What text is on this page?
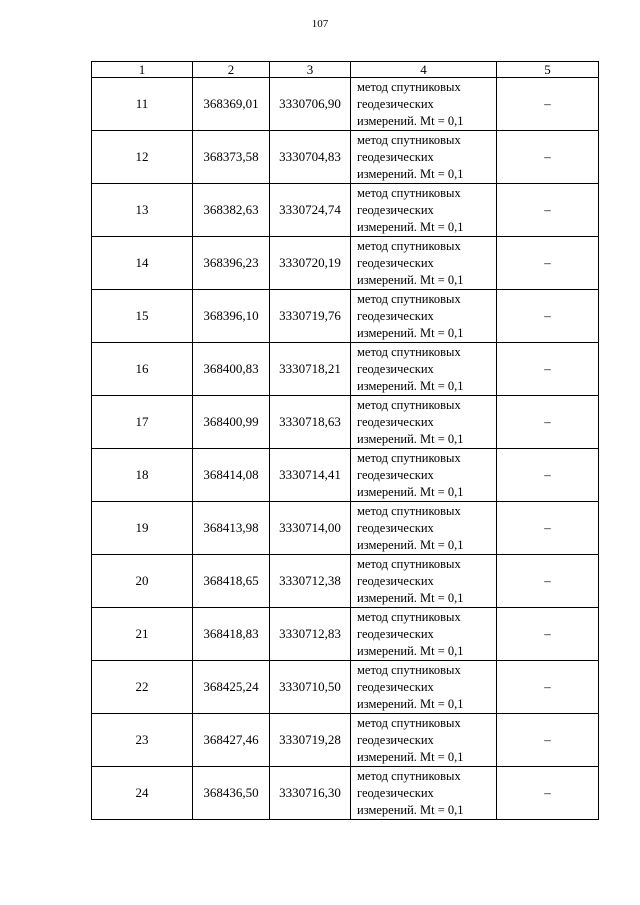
107
1	2	3	4	5
11	368369,01	3330706,90	метод спутниковых
геодезических
измерений. Mt = 0,1	–
12	368373,58	3330704,83	метод спутниковых
геодезических
измерений. Mt = 0,1	–
13	368382,63	3330724,74	метод спутниковых
геодезических
измерений. Mt = 0,1	–
14	368396,23	3330720,19	метод спутниковых
геодезических
измерений. Mt = 0,1	–
15	368396,10	3330719,76	метод спутниковых
геодезических
измерений. Mt = 0,1	–
16	368400,83	3330718,21	метод спутниковых
геодезических
измерений. Mt = 0,1	–
17	368400,99	3330718,63	метод спутниковых
геодезических
измерений. Mt = 0,1	–
18	368414,08	3330714,41	метод спутниковых
геодезических
измерений. Mt = 0,1	–
19	368413,98	3330714,00	метод спутниковых
геодезических
измерений. Mt = 0,1	–
20	368418,65	3330712,38	метод спутниковых
геодезических
измерений. Mt = 0,1	–
21	368418,83	3330712,83	метод спутниковых
геодезических
измерений. Mt = 0,1	–
22	368425,24	3330710,50	метод спутниковых
геодезических
измерений. Mt = 0,1	–
23	368427,46	3330719,28	метод спутниковых
геодезических
измерений. Mt = 0,1	–
24	368436,50	3330716,30	метод спутниковых
геодезических
измерений. Mt = 0,1	–
